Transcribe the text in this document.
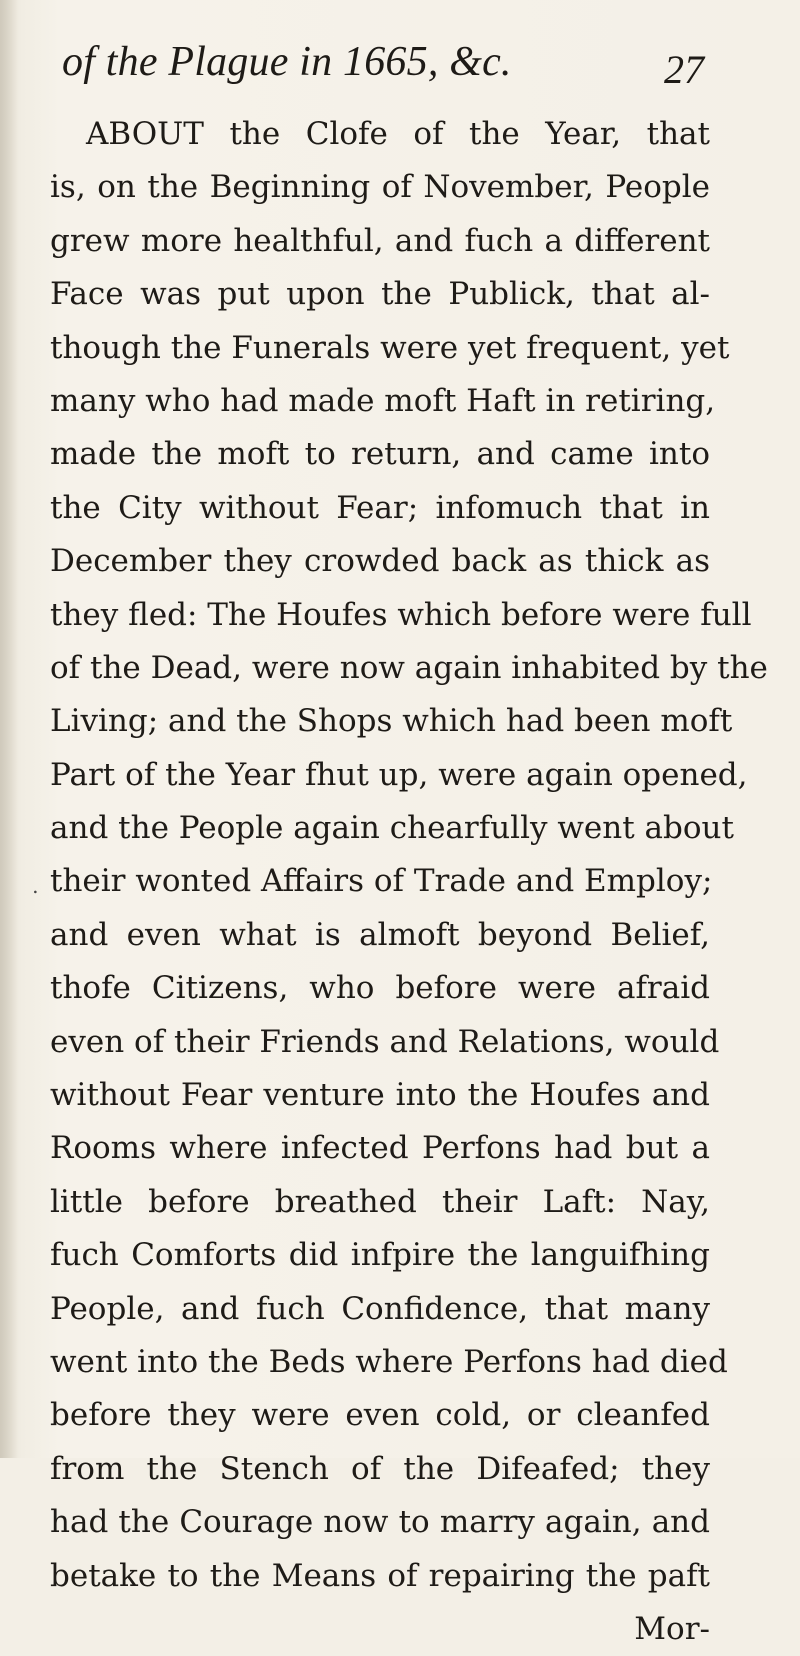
of the Plague in 1665, &c.	27
ABOUT the Clofe of the Year, that
is, on the Beginning of November, People
grew more healthful, and fuch a different
Face was put upon the Publick, that al-
though the Funerals were yet frequent, yet
many who had made moft Haft in retiring,
made the moft to return, and came into
the City without Fear; infomuch that in
December they crowded back as thick as
they fled: The Houfes which before were full
of the Dead, were now again inhabited by the
Living; and the Shops which had been moft
Part of the Year fhut up, were again opened,
and the People again chearfully went about
their wonted Affairs of Trade and Employ;
and even what is almoft beyond Belief,
thofe Citizens, who before were afraid
even of their Friends and Relations, would
without Fear venture into the Houfes and
Rooms where infected Perfons had but a
little before breathed their Laft: Nay,
fuch Comforts did infpire the languifhing
People, and fuch Confidence, that many
went into the Beds where Perfons had died
before they were even cold, or cleanfed
from the Stench of the Difeafed; they
had the Courage now to marry again, and
betake to the Means of repairing the paft
Mor-
․
